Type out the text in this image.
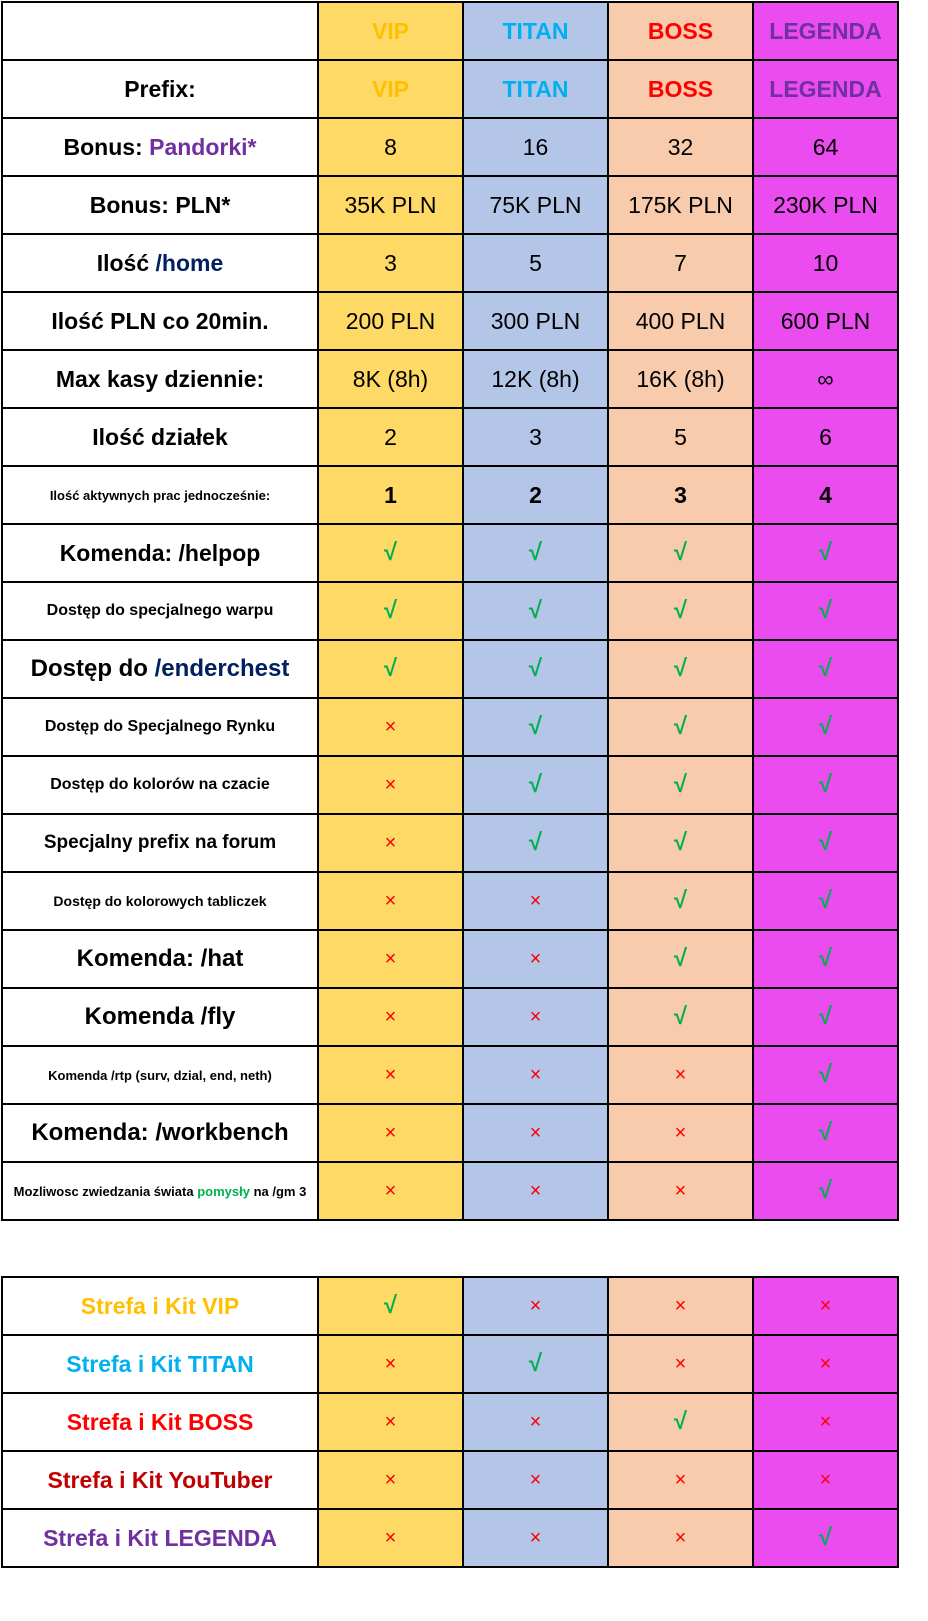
	VIP	TITAN	BOSS	LEGENDA
Prefix:	VIP	TITAN	BOSS	LEGENDA
Bonus: Pandorki*	8	16	32	64
Bonus: PLN*	35K PLN	75K PLN	175K PLN	230K PLN
Ilość /home	3	5	7	10
Ilość PLN co 20min.	200 PLN	300 PLN	400 PLN	600 PLN
Max kasy dziennie:	8K (8h)	12K (8h)	16K (8h)	∞
Ilość działek	2	3	5	6
Ilość aktywnych prac jednocześnie:	1	2	3	4
Komenda: /helpop	√	√	√	√
Dostęp do specjalnego warpu	√	√	√	√
Dostęp do /enderchest	√	√	√	√
Dostęp do Specjalnego Rynku	×	√	√	√
Dostęp do kolorów na czacie	×	√	√	√
Specjalny prefix na forum	×	√	√	√
Dostęp do kolorowych tabliczek	×	×	√	√
Komenda: /hat	×	×	√	√
Komenda /fly	×	×	√	√
Komenda /rtp (surv, dzial, end, neth)	×	×	×	√
Komenda: /workbench	×	×	×	√
Mozliwosc zwiedzania świata pomysły na /gm 3	×	×	×	√
Strefa i Kit VIP	√	×	×	×
Strefa i Kit TITAN	×	√	×	×
Strefa i Kit BOSS	×	×	√	×
Strefa i Kit YouTuber	×	×	×	×
Strefa i Kit LEGENDA	×	×	×	√
